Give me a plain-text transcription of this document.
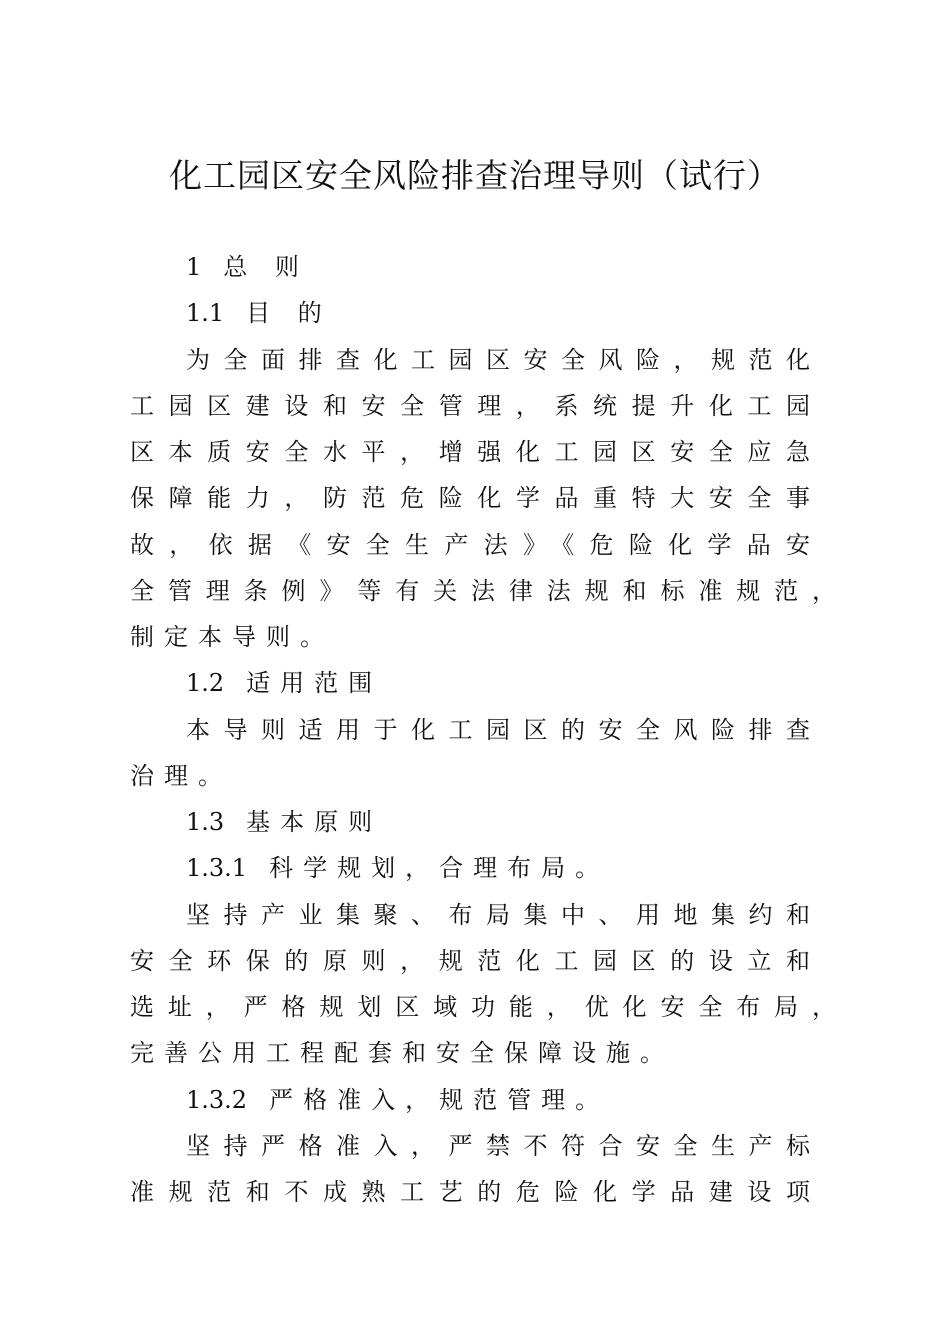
化工园区安全风险排查治理导则（试行）
1 总 则
1.1 目 的
为全面排查化工园区安全风险，规范化
工园区建设和安全管理，系统提升化工园
区本质安全水平，增强化工园区安全应急
保障能力，防范危险化学品重特大安全事
故，依据《安全生产法》《危险化学品安
全管理条例》等有关法律法规和标准规范，
制定本导则。
1.2 适用范围
本导则适用于化工园区的安全风险排查
治理。
1.3 基本原则
1.3.1 科学规划，合理布局。
坚持产业集聚、布局集中、用地集约和
安全环保的原则，规范化工园区的设立和
选址，严格规划区域功能，优化安全布局，
完善公用工程配套和安全保障设施。
1.3.2 严格准入，规范管理。
坚持严格准入，严禁不符合安全生产标
准规范和不成熟工艺的危险化学品建设项
